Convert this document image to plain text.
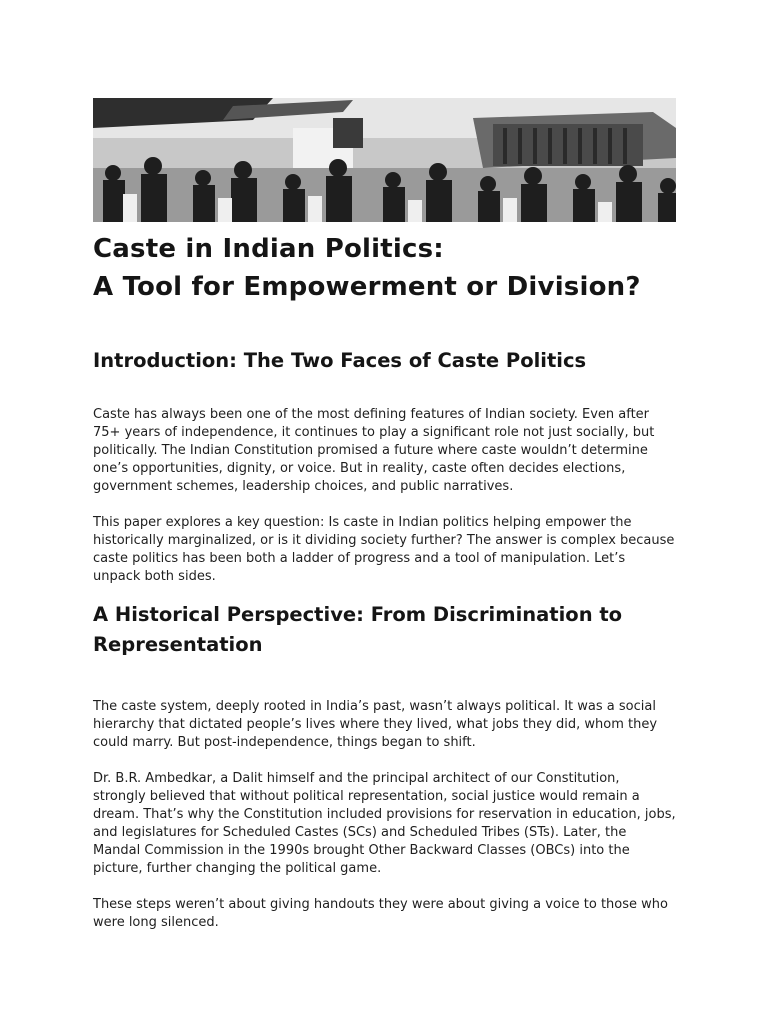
Caste in Indian Politics:
A Tool for Empowerment or Division?
Introduction: The Two Faces of Caste Politics

Caste has always been one of the most defining features of Indian society. Even after 75+ years of independence, it continues to play a significant role not just socially, but politically. The Indian Constitution promised a future where caste wouldn’t determine one’s opportunities, dignity, or voice. But in reality, caste often decides elections, government schemes, leadership choices, and public narratives.

This paper explores a key question: Is caste in Indian politics helping empower the historically marginalized, or is it dividing society further? The answer is complex because caste politics has been both a ladder of progress and a tool of manipulation. Let’s unpack both sides.

A Historical Perspective: From Discrimination to Representation

The caste system, deeply rooted in India’s past, wasn’t always political. It was a social hierarchy that dictated people’s lives where they lived, what jobs they did, whom they could marry. But post-independence, things began to shift.

Dr. B.R. Ambedkar, a Dalit himself and the principal architect of our Constitution, strongly believed that without political representation, social justice would remain a dream. That’s why the Constitution included provisions for reservation in education, jobs, and legislatures for Scheduled Castes (SCs) and Scheduled Tribes (STs). Later, the Mandal Commission in the 1990s brought Other Backward Classes (OBCs) into the picture, further changing the political game.

These steps weren’t about giving handouts they were about giving a voice to those who were long silenced.
